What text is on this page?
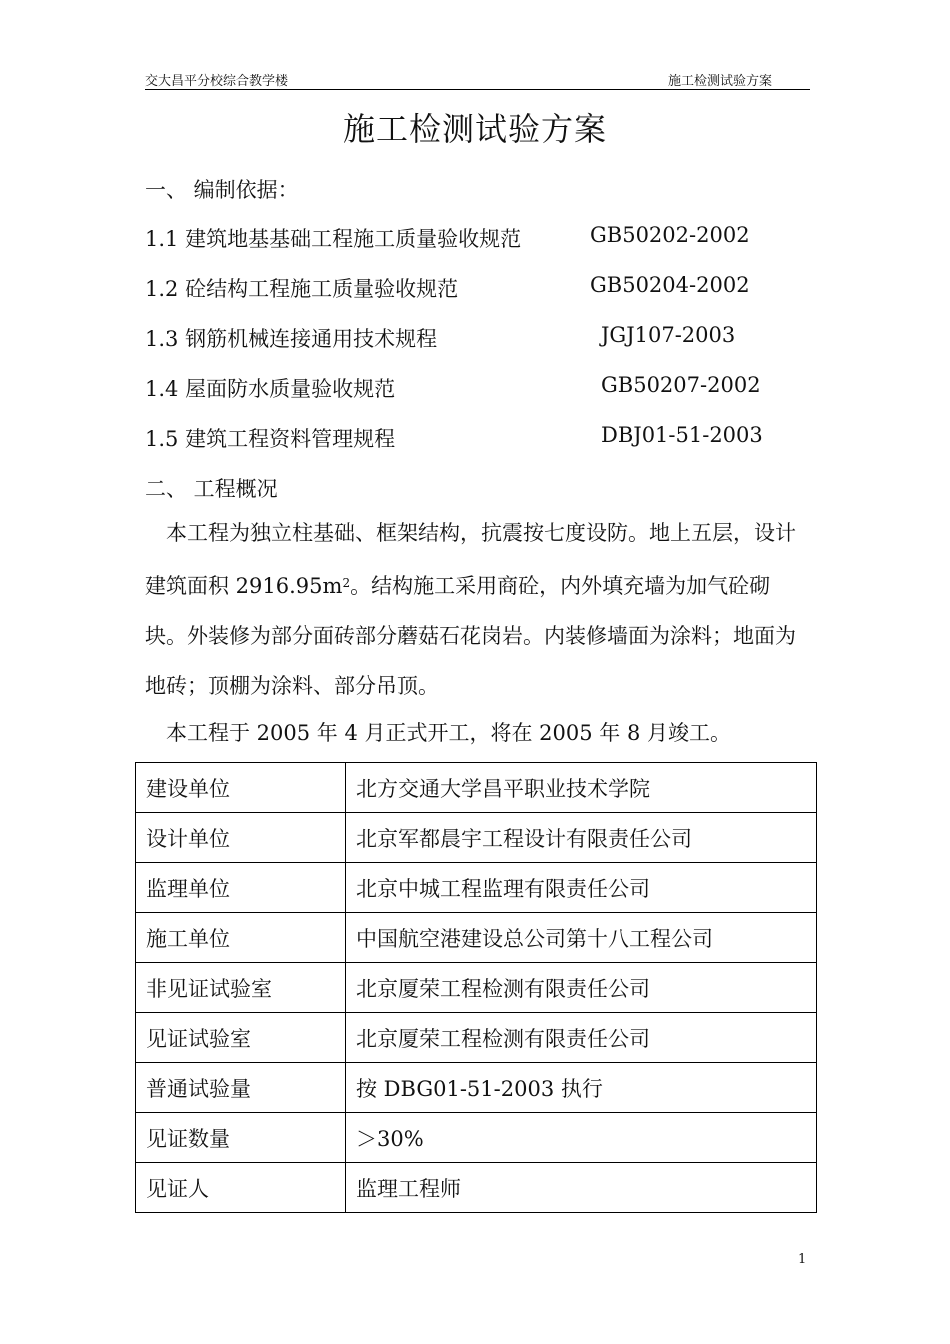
交大昌平分校综合教学楼	施工检测试验方案
施工检测试验方案
一、 编制依据：
1.1 建筑地基基础工程施工质量验收规范	GB50202-2002
1.2 砼结构工程施工质量验收规范	GB50204-2002
1.3 钢筋机械连接通用技术规程	JGJ107-2003
1.4 屋面防水质量验收规范	GB50207-2002
1.5 建筑工程资料管理规程	DBJ01-51-2003
二、 工程概况
本工程为独立柱基础、框架结构，抗震按七度设防。地上五层，设计建筑面积 $2916.95m^2$。结构施工采用商砼，内外填充墙为加气砼砌块。外装修为部分面砖部分蘑菇石花岗岩。内装修墙面为涂料；地面为地砖；顶棚为涂料、部分吊顶。
本工程于 2005 年 4 月正式开工，将在 2005 年 8 月竣工。
建设单位	北方交通大学昌平职业技术学院
设计单位	北京军都晨宇工程设计有限责任公司
监理单位	北京中城工程监理有限责任公司
施工单位	中国航空港建设总公司第十八工程公司
非见证试验室	北京厦荣工程检测有限责任公司
见证试验室	北京厦荣工程检测有限责任公司
普通试验量	按 DBG01-51-2003 执行
见证数量	＞30%
见证人	监理工程师
1
